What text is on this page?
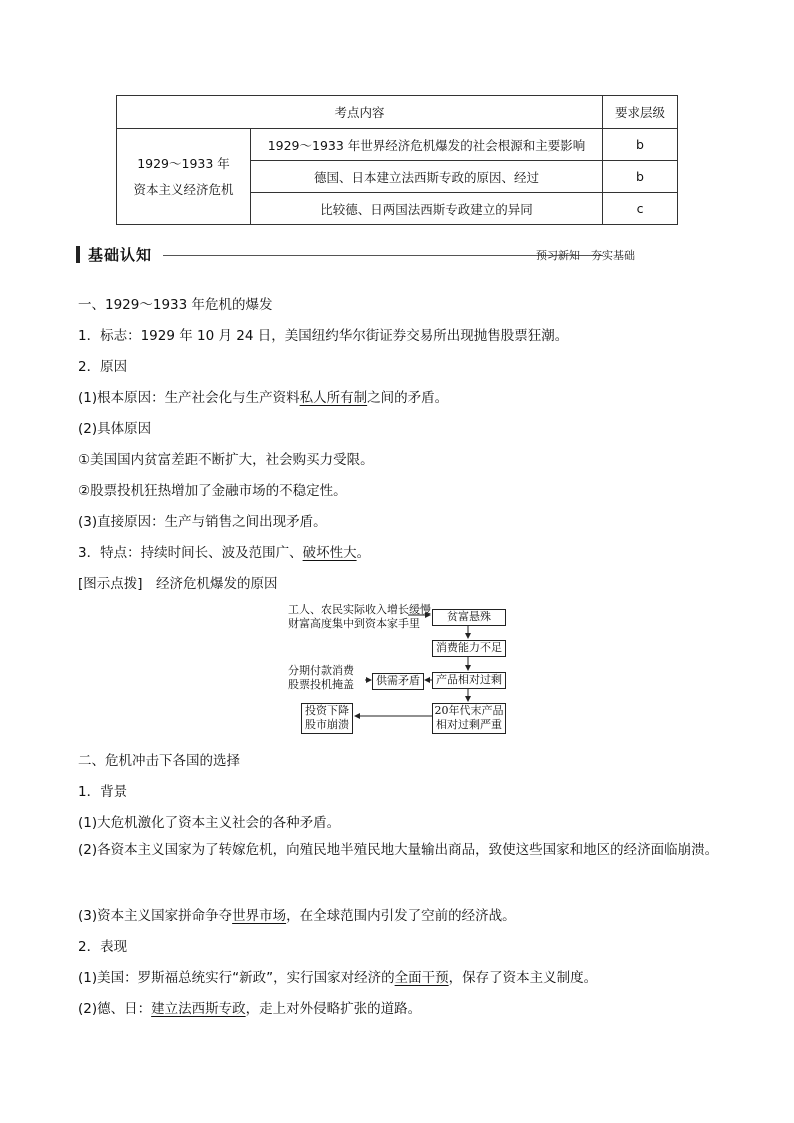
考点内容		要求层级

1929～1933 年
资本主义经济危机	1929～1933 年世界经济危机爆发的社会根源和主要影响	b
	德国、日本建立法西斯专政的原因、经过	b
	比较德、日两国法西斯专政建立的异同	c
基础认知	预习新知　夯实基础
一、1929～1933 年危机的爆发
1．标志：1929 年 10 月 24 日，美国纽约华尔街证券交易所出现抛售股票狂潮。
2．原因
(1)根本原因：生产社会化与生产资料私人所有制之间的矛盾。
(2)具体原因
①美国国内贫富差距不断扩大，社会购买力受限。
②股票投机狂热增加了金融市场的不稳定性。
(3)直接原因：生产与销售之间出现矛盾。
3．特点：持续时间长、波及范围广、破坏性大。
[图示点拨]　经济危机爆发的原因
工人、农民实际收入增长缓慢
财富高度集中到资本家手里
贫富悬殊
消费能力不足
分期付款消费
股票投机掩盖	供需矛盾	产品相对过剩
20年代末产品
相对过剩严重
投资下降
股市崩溃
二、危机冲击下各国的选择
1．背景
(1)大危机激化了资本主义社会的各种矛盾。
(2)各资本主义国家为了转嫁危机，向殖民地半殖民地大量输出商品，致使这些国家和地区的经济面临崩溃。
(3)资本主义国家拼命争夺世界市场，在全球范围内引发了空前的经济战。
2．表现
(1)美国：罗斯福总统实行“新政”，实行国家对经济的全面干预，保存了资本主义制度。
(2)德、日：建立法西斯专政，走上对外侵略扩张的道路。
